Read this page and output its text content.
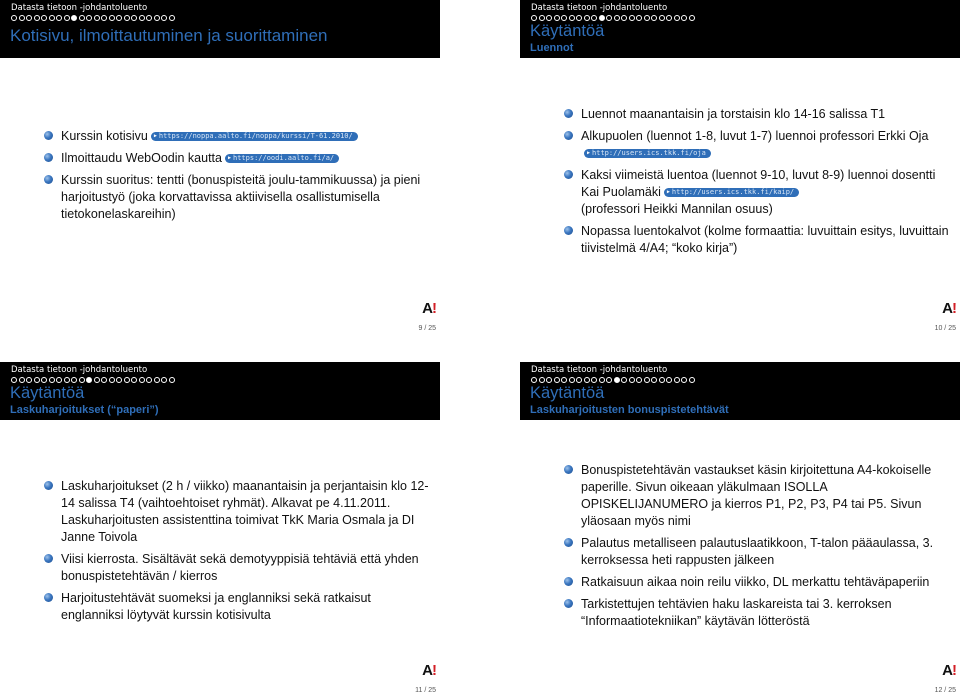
Datasta tietoon -johdantoluento
Kotisivu, ilmoittautuminen ja suorittaminen
Kurssin kotisivu ▶ https://noppa.aalto.fi/noppa/kurssi/T-61.2010/
Ilmoittaudu WebOodin kautta ▶ https://oodi.aalto.fi/a/
Kurssin suoritus: tentti (bonuspisteitä joulu-tammikuussa) ja pieni harjoitustyö (joka korvattavissa aktiivisella osallistumisella tietokonelaskareihin)
A!
9 / 25
Datasta tietoon -johdantoluento
Käytäntöä
Luennot
Luennot maanantaisin ja torstaisin klo 14-16 salissa T1
Alkupuolen (luennot 1-8, luvut 1-7) luennoi professori Erkki Oja▶ http://users.ics.tkk.fi/oja
Kaksi viimeistä luentoa (luennot 9-10, luvut 8-9) luennoi dosentti Kai Puolamäki ▶ http://users.ics.tkk.fi/kaip/
(professori Heikki Mannilan osuus)
Nopassa luentokalvot (kolme formaattia: luvuittain esitys, luvuittain tiivistelmä 4/A4; “koko kirja”)
A!
10 / 25
Datasta tietoon -johdantoluento
Käytäntöä
Laskuharjoitukset (“paperi”)
Laskuharjoitukset (2 h / viikko) maanantaisin ja perjantaisin klo 12-14 salissa T4 (vaihtoehtoiset ryhmät). Alkavat pe 4.11.2011. Laskuharjoitusten assistenttina toimivat TkK Maria Osmala ja DI Janne Toivola
Viisi kierrosta. Sisältävät sekä demotyyppisiä tehtäviä että yhden bonuspistetehtävän / kierros
Harjoitustehtävät suomeksi ja englanniksi sekä ratkaisut englanniksi löytyvät kurssin kotisivulta
A!
11 / 25
Datasta tietoon -johdantoluento
Käytäntöä
Laskuharjoitusten bonuspistetehtävät
Bonuspistetehtävän vastaukset käsin kirjoitettuna A4-kokoiselle paperille. Sivun oikeaan yläkulmaan ISOLLA OPISKELIJANUMERO ja kierros P1, P2, P3, P4 tai P5. Sivun yläosaan myös nimi
Palautus metalliseen palautuslaatikkoon, T-talon pääaulassa, 3. kerroksessa heti rappusten jälkeen
Ratkaisuun aikaa noin reilu viikko, DL merkattu tehtäväpaperiin
Tarkistettujen tehtävien haku laskareista tai 3. kerroksen “Informaatiotekniikan” käytävän lötteröstä
A!
12 / 25
